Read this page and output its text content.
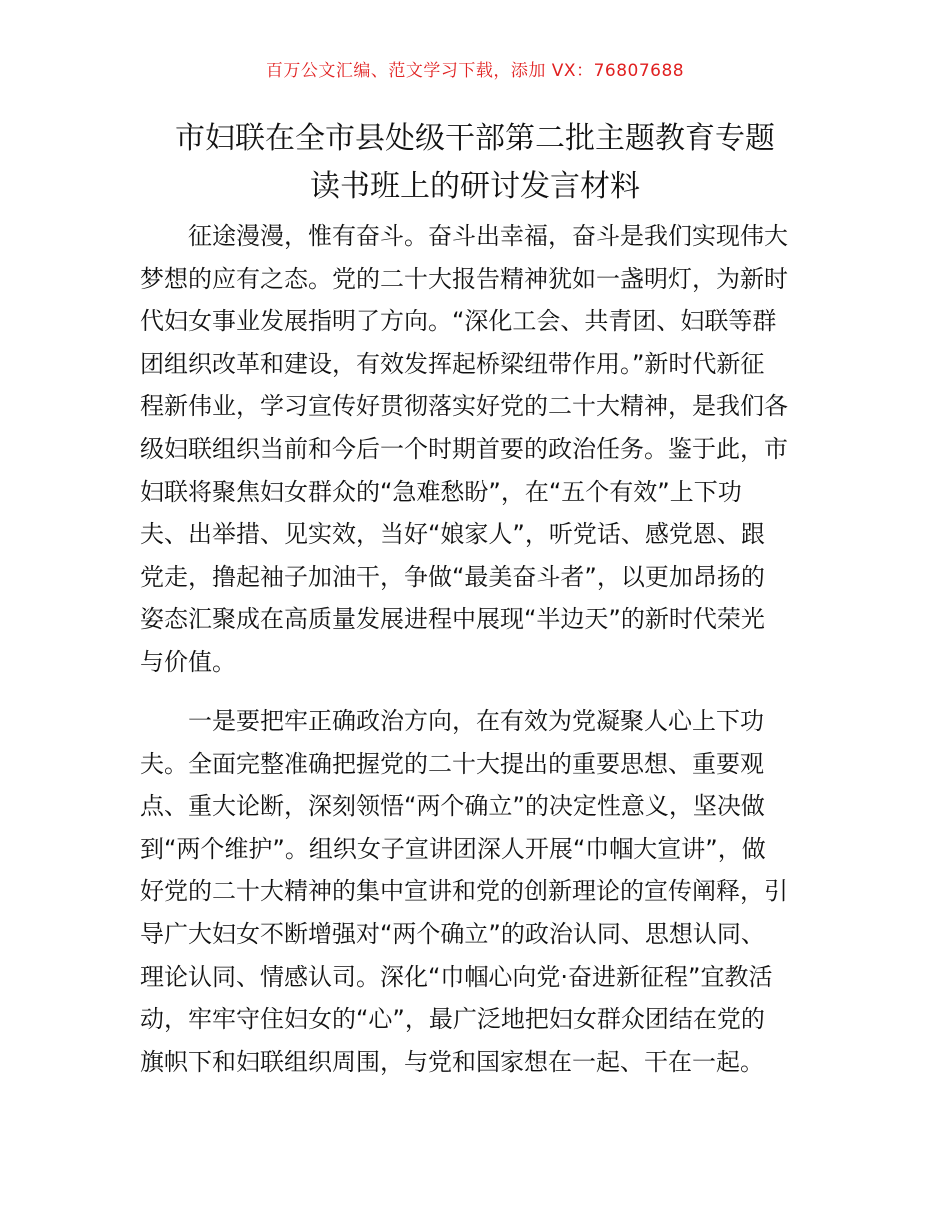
百万公文汇编、范文学习下载，添加 VX：76807688
市妇联在全市县处级干部第二批主题教育专题
读书班上的研讨发言材料
征途漫漫，惟有奋斗。奋斗出幸福，奋斗是我们实现伟大
梦想的应有之态。党的二十大报告精神犹如一盏明灯，为新时
代妇女事业发展指明了方向。“深化工会、共青团、妇联等群
团组织改革和建设，有效发挥起桥梁纽带作用。”新时代新征
程新伟业，学习宣传好贯彻落实好党的二十大精神，是我们各
级妇联组织当前和今后一个时期首要的政治任务。鉴于此，市
妇联将聚焦妇女群众的“急难愁盼”，在“五个有效”上下功
夫、出举措、见实效，当好“娘家人”，听党话、感党恩、跟
党走，撸起袖子加油干，争做“最美奋斗者”，以更加昂扬的
姿态汇聚成在高质量发展进程中展现“半边天”的新时代荣光
与价值。
一是要把牢正确政治方向，在有效为党凝聚人心上下功
夫。全面完整准确把握党的二十大提出的重要思想、重要观
点、重大论断，深刻领悟“两个确立”的决定性意义，坚决做
到“两个维护”。组织女子宣讲团深人开展“巾帼大宣讲”，做
好党的二十大精神的集中宣讲和党的创新理论的宣传阐释，引
导广大妇女不断增强对“两个确立”的政治认同、思想认同、
理论认同、情感认司。深化“巾帼心向党·奋进新征程”宜教活
动，牢牢守住妇女的“心”，最广泛地把妇女群众团结在党的
旗帜下和妇联组织周围，与党和国家想在一起、干在一起。
